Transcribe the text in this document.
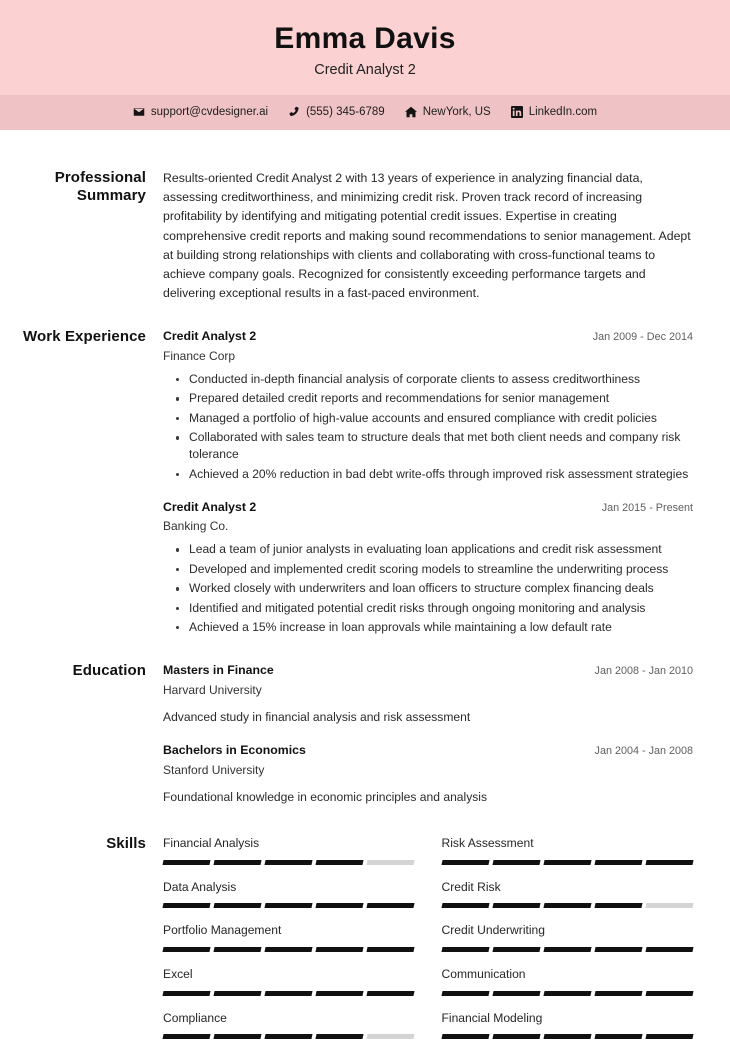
Emma Davis
Credit Analyst 2
support@cvdesigner.ai	(555) 345-6789	NewYork, US	LinkedIn.com
Professional Summary
Results-oriented Credit Analyst 2 with 13 years of experience in analyzing financial data, assessing creditworthiness, and minimizing credit risk. Proven track record of increasing profitability by identifying and mitigating potential credit issues. Expertise in creating comprehensive credit reports and making sound recommendations to senior management. Adept at building strong relationships with clients and collaborating with cross-functional teams to achieve company goals. Recognized for consistently exceeding performance targets and delivering exceptional results in a fast-paced environment.
Work Experience	Credit Analyst 2	Jan 2009 - Dec 2014
Finance Corp
Conducted in-depth financial analysis of corporate clients to assess creditworthiness
Prepared detailed credit reports and recommendations for senior management
Managed a portfolio of high-value accounts and ensured compliance with credit policies
Collaborated with sales team to structure deals that met both client needs and company risk tolerance
Achieved a 20% reduction in bad debt write-offs through improved risk assessment strategies
Credit Analyst 2	Jan 2015 - Present
Banking Co.
Lead a team of junior analysts in evaluating loan applications and credit risk assessment
Developed and implemented credit scoring models to streamline the underwriting process
Worked closely with underwriters and loan officers to structure complex financing deals
Identified and mitigated potential credit risks through ongoing monitoring and analysis
Achieved a 15% increase in loan approvals while maintaining a low default rate
Education	Masters in Finance	Jan 2008 - Jan 2010
Harvard University
Advanced study in financial analysis and risk assessment
Bachelors in Economics	Jan 2004 - Jan 2008
Stanford University
Foundational knowledge in economic principles and analysis
Skills	Financial Analysis	Risk Assessment
Data Analysis	Credit Risk
Portfolio Management	Credit Underwriting
Excel	Communication
Compliance	Financial Modeling
